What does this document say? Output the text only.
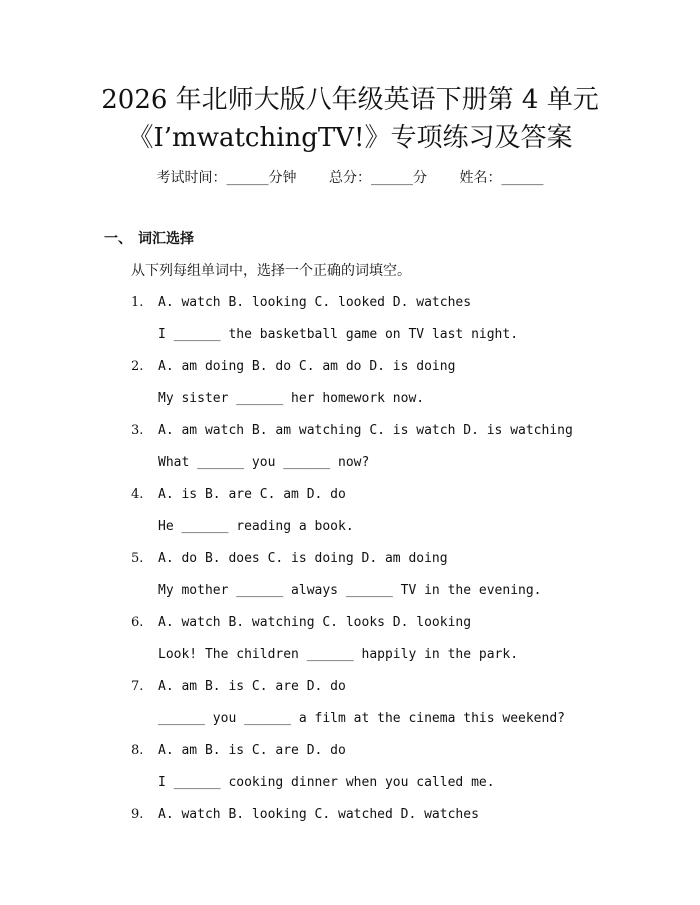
2026 年北师大版八年级英语下册第 4 单元
《I’mwatchingTV!》专项练习及答案
考试时间：______分钟 总分：______分 姓名：______
一、 词汇选择
从下列每组单词中，选择一个正确的词填空。
1. A. watch B. looking C. looked D. watches
I ______ the basketball game on TV last night.
2. A. am doing B. do C. am do D. is doing
My sister ______ her homework now.
3. A. am watch B. am watching C. is watch D. is watching
What ______ you ______ now?
4. A. is B. are C. am D. do
He ______ reading a book.
5. A. do B. does C. is doing D. am doing
My mother ______ always ______ TV in the evening.
6. A. watch B. watching C. looks D. looking
Look! The children ______ happily in the park.
7. A. am B. is C. are D. do
______ you ______ a film at the cinema this weekend?
8. A. am B. is C. are D. do
I ______ cooking dinner when you called me.
9. A. watch B. looking C. watched D. watches
